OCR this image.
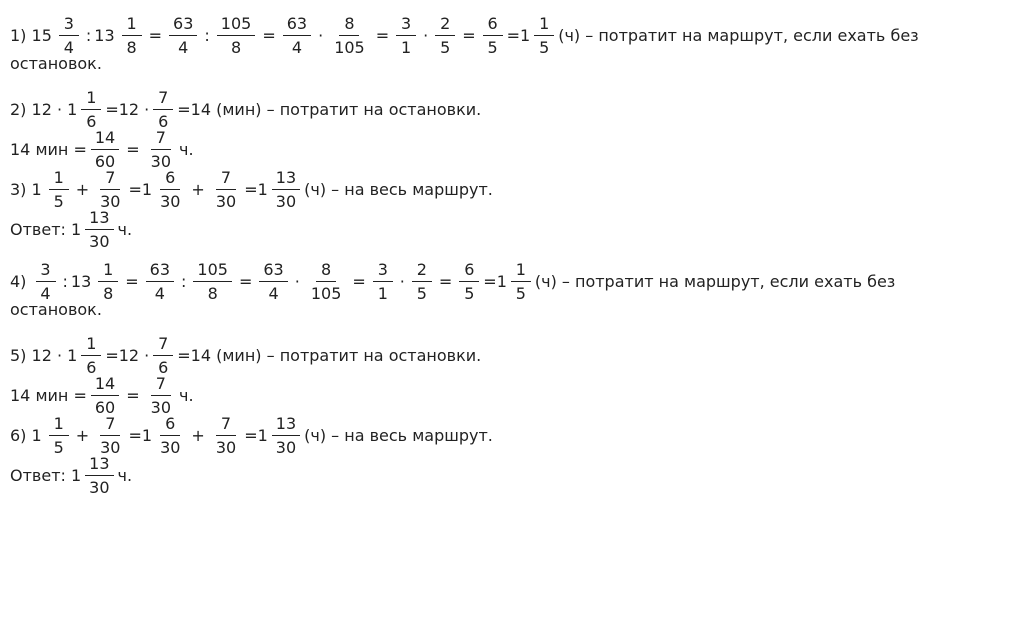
1)
$15 \frac{3}{4}$ : $13 \frac{1}{8} = \frac{63}{4}$ : $\frac{105}{8} = \frac{63}{4} \cdot \frac{8}{105} = \frac{3}{1} \cdot \frac{2}{5} = \frac{6}{5} =1 \frac{1}{5} (ч)$ – потратит на маршрут, если ехать без
остановок.
2)
$12 \cdot 1 \frac{1}{6} =12 \cdot \frac{7}{6} =14$ (мин) – потратит на остановки.
14 мин = $\frac{14}{60} = \frac{7}{30} ч$.
3)
$1 \frac{1}{5} + \frac{7}{30} =1 \frac{6}{30} + \frac{7}{30} =1 \frac{13}{30} (ч)$ – на весь маршрут.
Ответ: $1 \frac{13}{30} ч$.
4)
$\frac{3}{4}$ : $13 \frac{1}{8} = \frac{63}{4}$ : $\frac{105}{8} = \frac{63}{4} \cdot \frac{8}{105} = \frac{3}{1} \cdot \frac{2}{5} = \frac{6}{5} =1 \frac{1}{5} (ч)$ – потратит на маршрут, если ехать без
остановок.
5)
$12 \cdot 1 \frac{1}{6} =12 \cdot \frac{7}{6} =14$ (мин) – потратит на остановки.
14 мин = $\frac{14}{60} = \frac{7}{30} ч$.
6)
$1 \frac{1}{5} + \frac{7}{30} =1 \frac{6}{30} + \frac{7}{30} =1 \frac{13}{30} (ч)$ – на весь маршрут.
Ответ: $1 \frac{13}{30} ч$.
